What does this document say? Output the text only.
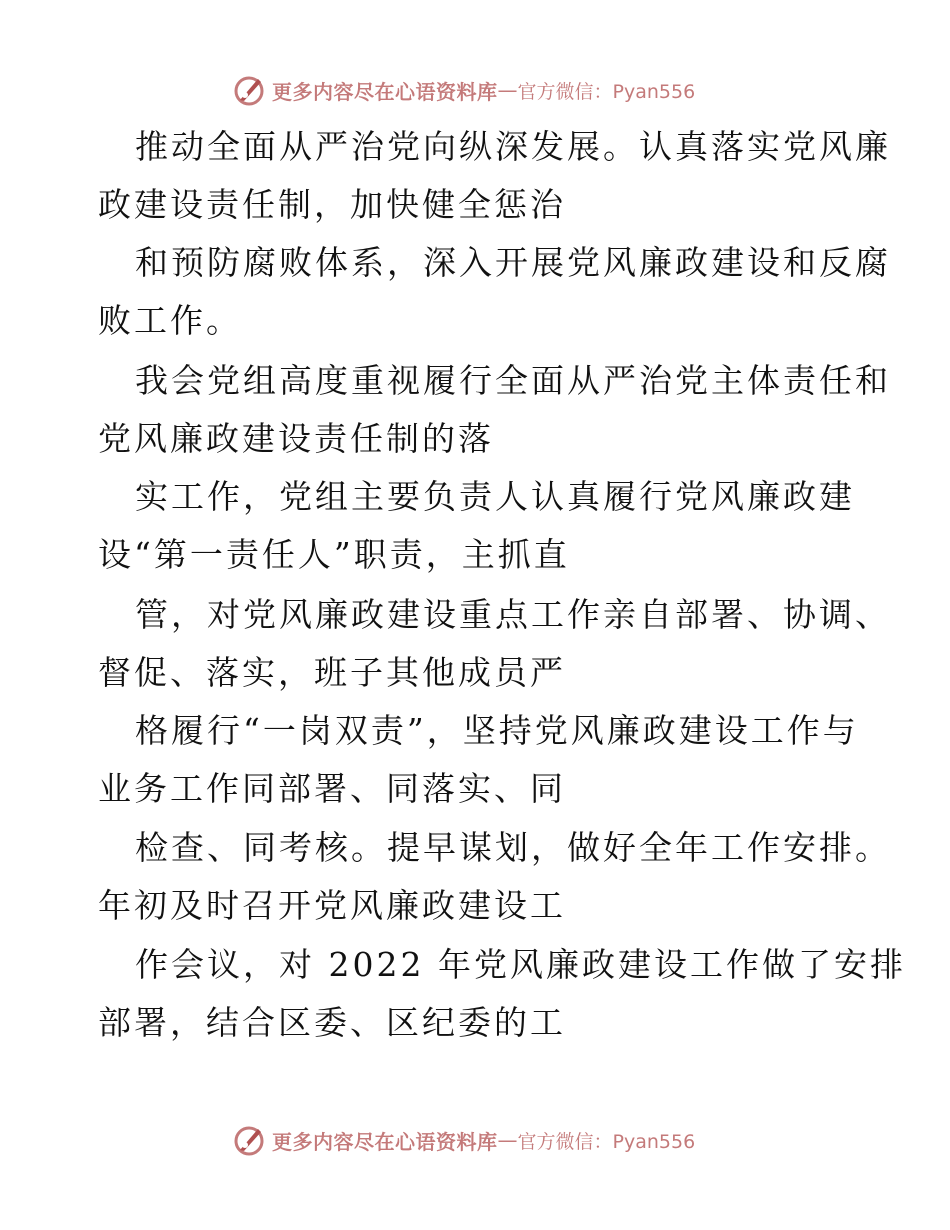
更多内容尽在心语资料库 — 官方微信：Pyan556
推动全面从严治党向纵深发展。认真落实党风廉
政建设责任制，加快健全惩治
和预防腐败体系，深入开展党风廉政建设和反腐
败工作。
我会党组高度重视履行全面从严治党主体责任和
党风廉政建设责任制的落
实工作，党组主要负责人认真履行党风廉政建
设“第一责任人”职责，主抓直
管，对党风廉政建设重点工作亲自部署、协调、
督促、落实，班子其他成员严
格履行“一岗双责”，坚持党风廉政建设工作与
业务工作同部署、同落实、同
检查、同考核。提早谋划，做好全年工作安排。
年初及时召开党风廉政建设工
作会议，对 2022 年党风廉政建设工作做了安排
部署，结合区委、区纪委的工
更多内容尽在心语资料库 — 官方微信：Pyan556
